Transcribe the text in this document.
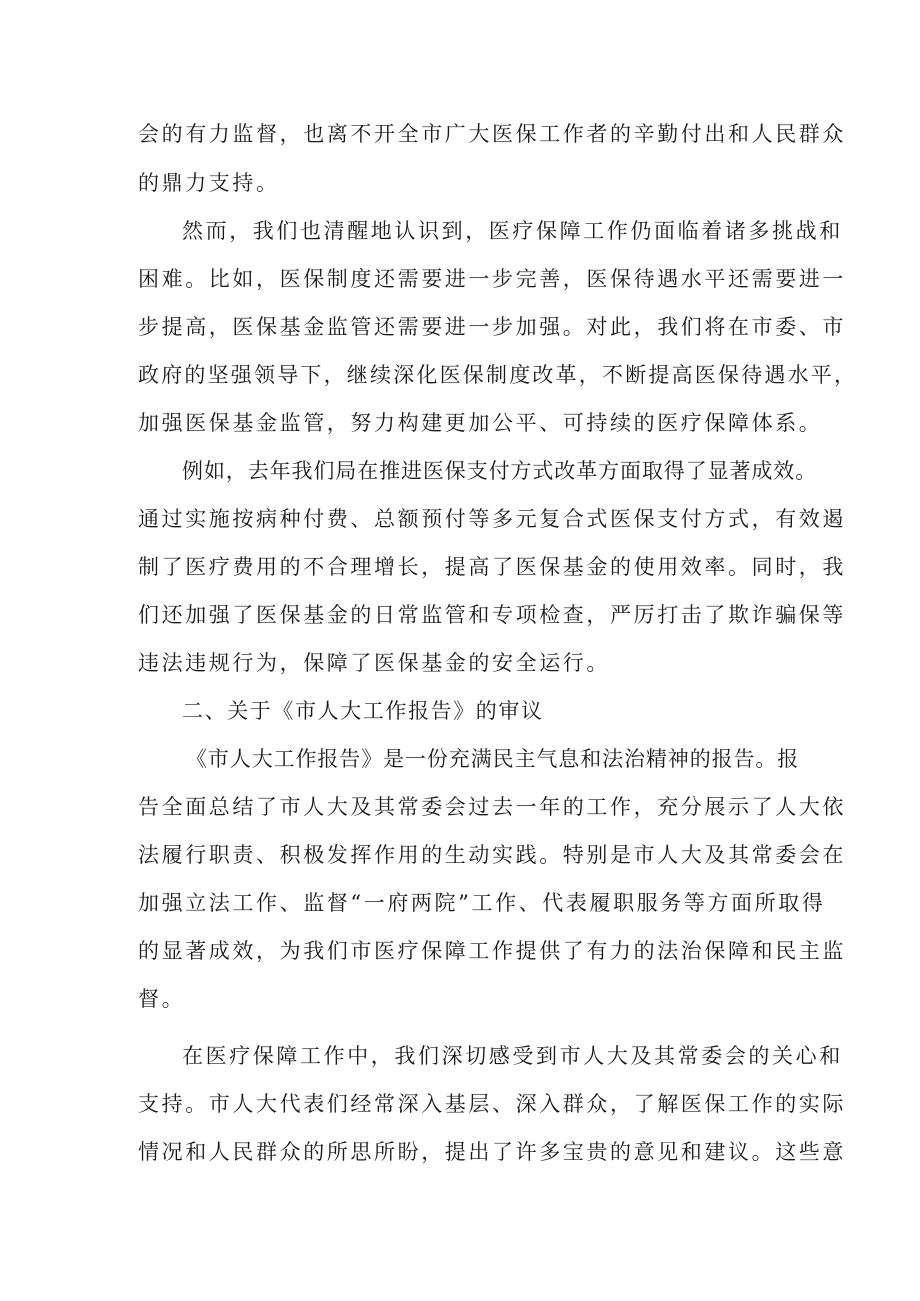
会的有力监督，也离不开全市广大医保工作者的辛勤付出和人民群众
的鼎力支持。
然而，我们也清醒地认识到，医疗保障工作仍面临着诸多挑战和
困难。比如，医保制度还需要进一步完善，医保待遇水平还需要进一
步提高，医保基金监管还需要进一步加强。对此，我们将在市委、市
政府的坚强领导下，继续深化医保制度改革，不断提高医保待遇水平，
加强医保基金监管，努力构建更加公平、可持续的医疗保障体系。
例如，去年我们局在推进医保支付方式改革方面取得了显著成效。
通过实施按病种付费、总额预付等多元复合式医保支付方式，有效遏
制了医疗费用的不合理增长，提高了医保基金的使用效率。同时，我
们还加强了医保基金的日常监管和专项检查，严厉打击了欺诈骗保等
违法违规行为，保障了医保基金的安全运行。
二、关于《市人大工作报告》的审议
《市人大工作报告》是一份充满民主气息和法治精神的报告。报
告全面总结了市人大及其常委会过去一年的工作，充分展示了人大依
法履行职责、积极发挥作用的生动实践。特别是市人大及其常委会在
加强立法工作、监督“一府两院”工作、代表履职服务等方面所取得
的显著成效，为我们市医疗保障工作提供了有力的法治保障和民主监
督。
在医疗保障工作中，我们深切感受到市人大及其常委会的关心和
支持。市人大代表们经常深入基层、深入群众，了解医保工作的实际
情况和人民群众的所思所盼，提出了许多宝贵的意见和建议。这些意
